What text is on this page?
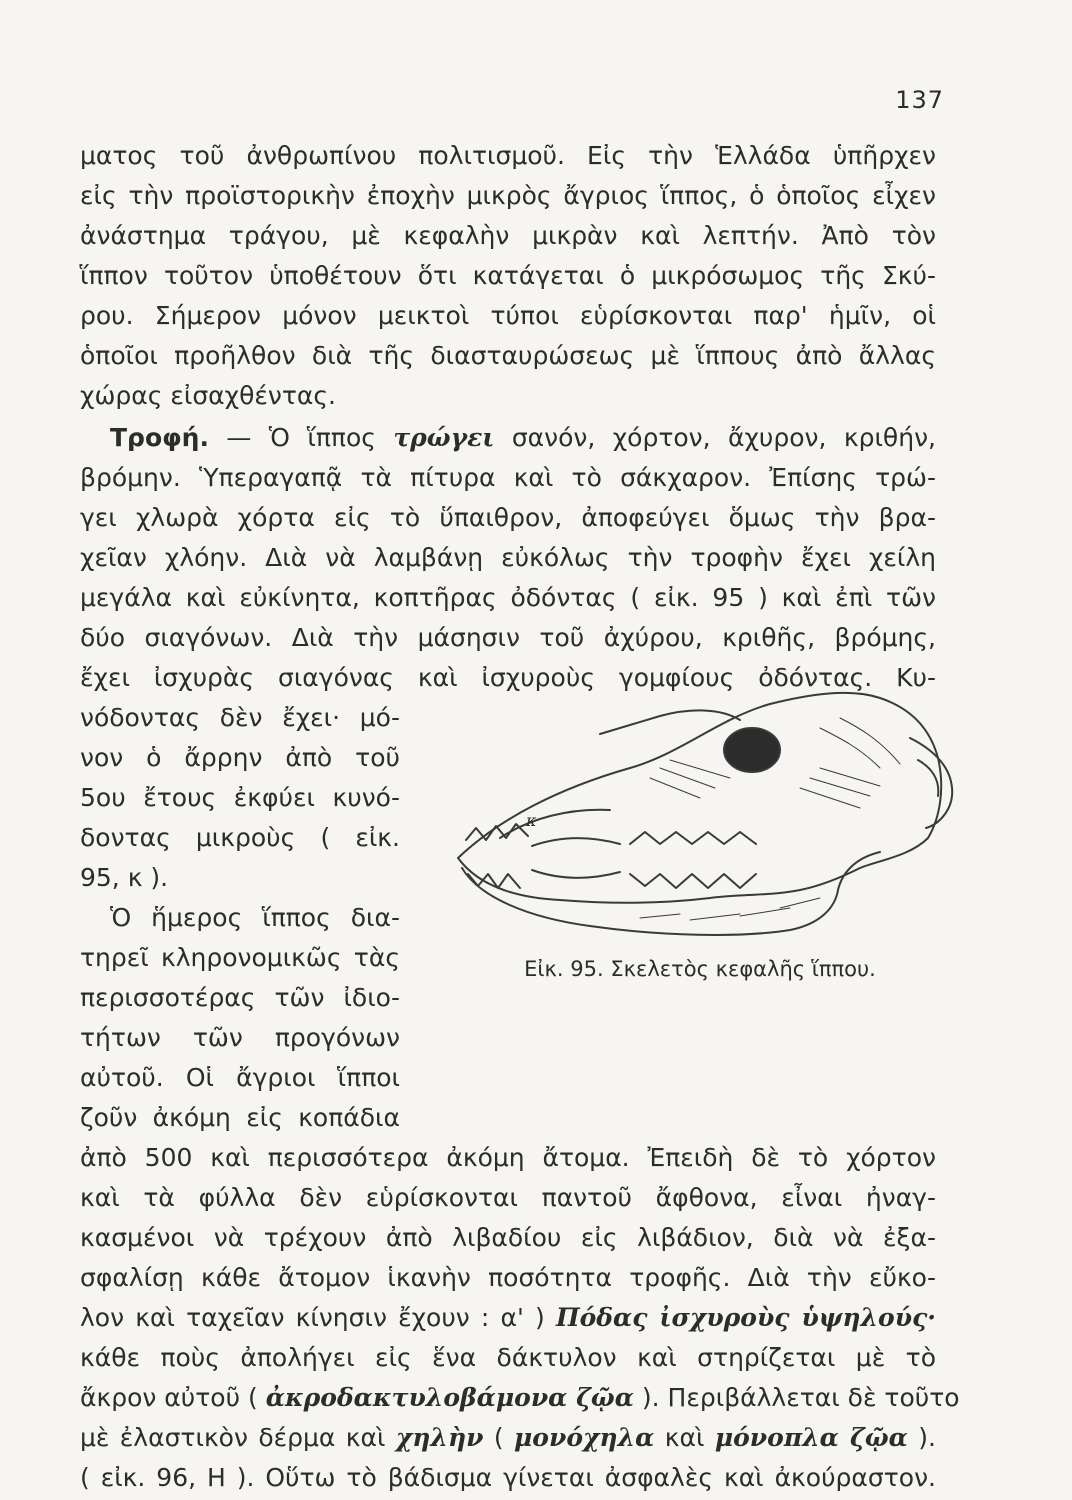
137
ματος τοῦ ἀνθρωπίνου πολιτισμοῦ. Εἰς τὴν Ἑλλάδα ὑπῆρχεν
εἰς τὴν προϊστορικὴν ἐποχὴν μικρὸς ἄγριος ἵππος, ὁ ὁποῖος εἶχεν
ἀνάστημα τράγου, μὲ κεφαλὴν μικρὰν καὶ λεπτήν. Ἀπὸ τὸν
ἵππον τοῦτον ὑποθέτουν ὅτι κατάγεται ὁ μικρόσωμος τῆς Σκύ-
ρου. Σήμερον μόνον μεικτοὶ τύποι εὑρίσκονται παρ' ἡμῖν, οἱ
ὁποῖοι προῆλθον διὰ τῆς διασταυρώσεως μὲ ἵππους ἀπὸ ἄλλας
χώρας εἰσαχθέντας.
Τροφή. — Ὁ ἵππος τρώγει σανόν, χόρτον, ἄχυρον, κριθήν,
βρόμην. Ὑπεραγαπᾷ τὰ πίτυρα καὶ τὸ σάκχαρον. Ἐπίσης τρώ-
γει χλωρὰ χόρτα εἰς τὸ ὕπαιθρον, ἀποφεύγει ὅμως τὴν βρα-
χεῖαν χλόην. Διὰ νὰ λαμβάνῃ εὐκόλως τὴν τροφὴν ἔχει χείλη
μεγάλα καὶ εὐκίνητα, κοπτῆρας ὀδόντας ( εἰκ. 95 ) καὶ ἐπὶ τῶν
δύο σιαγόνων. Διὰ τὴν μάσησιν τοῦ ἀχύρου, κριθῆς, βρόμης,
ἔχει ἰσχυρὰς σιαγόνας καὶ ἰσχυροὺς γομφίους ὀδόντας. Κυ-
νόδοντας δὲν ἔχει· μό-
νον ὁ ἄρρην ἀπὸ τοῦ
5ου ἔτους ἐκφύει κυνό-
δοντας μικροὺς ( εἰκ.
95, κ ).
Ὁ ἥμερος ἵππος δια-
τηρεῖ κληρονομικῶς τὰς
περισσοτέρας τῶν ἰδιο-
τήτων τῶν προγόνων
αὐτοῦ. Οἱ ἄγριοι ἵπποι
ζοῦν ἀκόμη εἰς κοπάδια
κ
Εἰκ. 95. Σκελετὸς κεφαλῆς ἵππου.
ἀπὸ 500 καὶ περισσότερα ἀκόμη ἄτομα. Ἐπειδὴ δὲ τὸ χόρτον
καὶ τὰ φύλλα δὲν εὑρίσκονται παντοῦ ἄφθονα, εἶναι ἠναγ-
κασμένοι νὰ τρέχουν ἀπὸ λιβαδίου εἰς λιβάδιον, διὰ νὰ ἐξα-
σφαλίσῃ κάθε ἄτομον ἱκανὴν ποσότητα τροφῆς. Διὰ τὴν εὔκο-
λον καὶ ταχεῖαν κίνησιν ἔχουν : α' ) Πόδας ἰσχυροὺς ὑψηλούς·
κάθε ποὺς ἀπολήγει εἰς ἕνα δάκτυλον καὶ στηρίζεται μὲ τὸ
ἄκρον αὐτοῦ ( ἀκροδακτυλοβάμονα ζῷα ). Περιβάλλεται δὲ τοῦτο
μὲ ἐλαστικὸν δέρμα καὶ χηλὴν ( μονόχηλα καὶ μόνοπλα ζῷα ).
( εἰκ. 96, Η ). Οὕτω τὸ βάδισμα γίνεται ἀσφαλὲς καὶ ἀκούραστον.
